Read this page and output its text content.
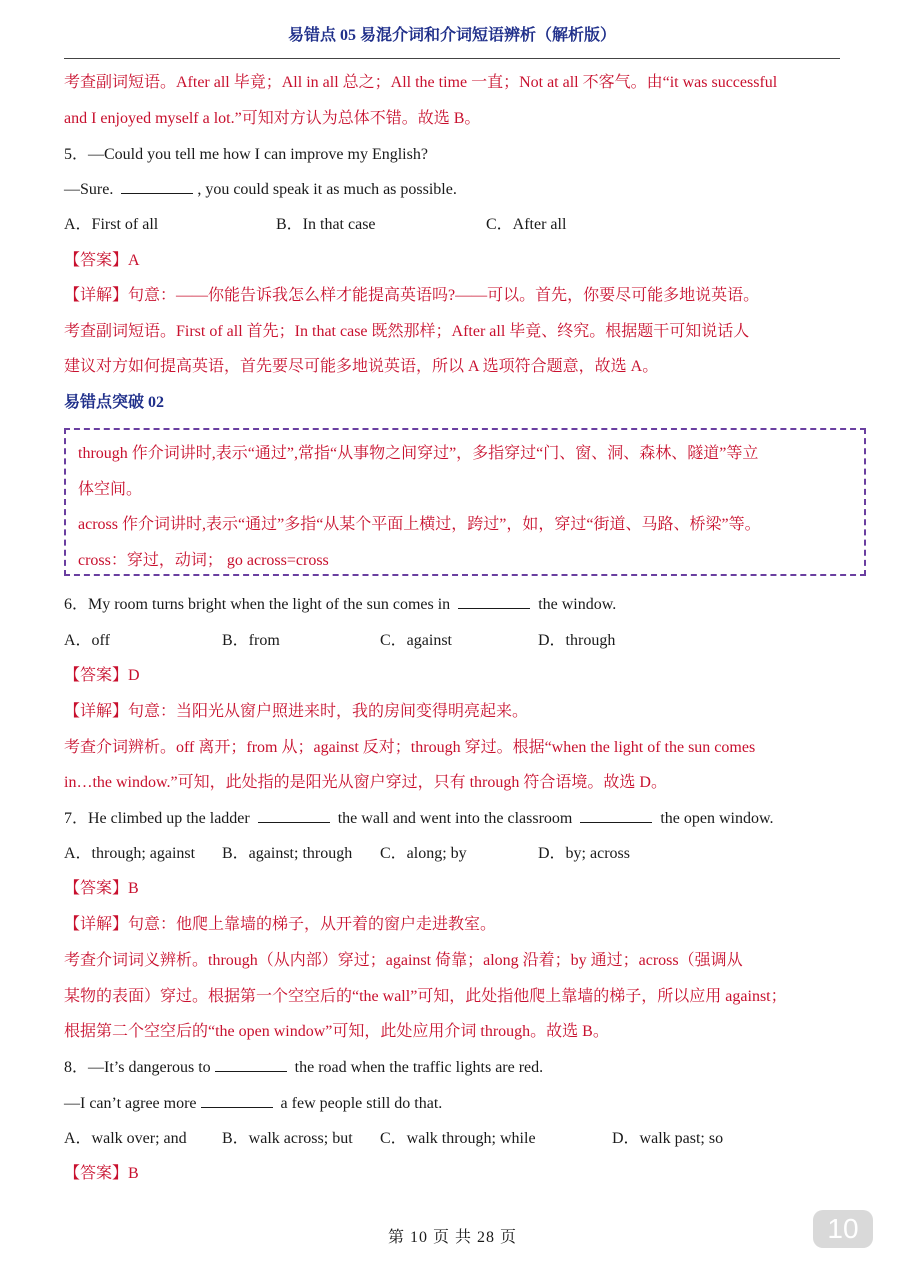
易错点 05 易混介词和介词短语辨析（解析版）
考查副词短语。After all 毕竟；All in all 总之；All the time 一直；Not at all 不客气。由“it was successful
and I enjoyed myself a lot.”可知对方认为总体不错。故选 B。
5．—Could you tell me how I can improve my English?
—Sure.	, you could speak it as much as possible.
A．First of all	B．In that case	C．After all
【答案】A
【详解】句意：——你能告诉我怎么样才能提高英语吗?——可以。首先，你要尽可能多地说英语。
考查副词短语。First of all 首先；In that case 既然那样；After all 毕竟、终究。根据题干可知说话人
建议对方如何提高英语，首先要尽可能多地说英语，所以 A 选项符合题意，故选 A。
易错点突破 02
through 作介词讲时,表示“通过”,常指“从事物之间穿过”，多指穿过“门、窗、洞、森林、隧道”等立
体空间。
across 作介词讲时,表示“通过”多指“从某个平面上横过，跨过”，如，穿过“街道、马路、桥梁”等。
cross：穿过，动词； go across=cross
6．My room turns bright when the light of the sun comes in	the window.
A．off	B．from	C．against	D．through
【答案】D
【详解】句意：当阳光从窗户照进来时，我的房间变得明亮起来。
考查介词辨析。off 离开；from 从；against 反对；through 穿过。根据“when the light of the sun comes
in…the window.”可知，此处指的是阳光从窗户穿过，只有 through 符合语境。故选 D。
7．He climbed up the ladder	the wall and went into the classroom	the open window.
A．through; against B．against; through C．along; by	D．by; across
【答案】B
【详解】句意：他爬上靠墙的梯子，从开着的窗户走进教室。
考查介词词义辨析。through（从内部）穿过；against 倚靠；along 沿着；by 通过；across（强调从
某物的表面）穿过。根据第一个空空后的“the wall”可知，此处指他爬上靠墙的梯子，所以应用 against；
根据第二个空空后的“the open window”可知，此处应用介词 through。故选 B。
8．—It’s dangerous to	the road when the traffic lights are red.
—I can’t agree more	a few people still do that.
A．walk over; and B．walk across; but C．walk through; while	D．walk past; so
【答案】B
第 10 页 共 28 页	10
